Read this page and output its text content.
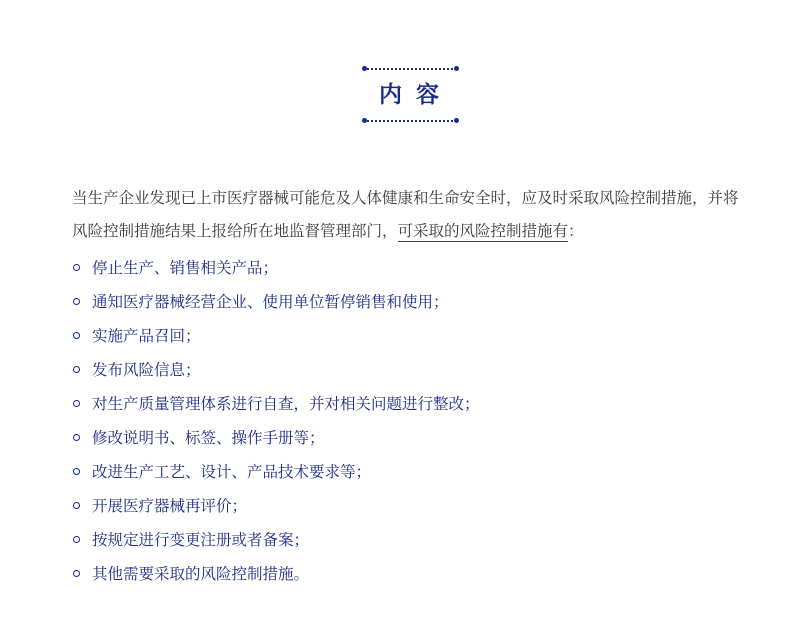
内 容

当生产企业发现已上市医疗器械可能危及人体健康和生命安全时，应及时采取风险控制措施，并将风险控制措施结果上报给所在地监督管理部门，可采取的风险控制措施有：

停止生产、销售相关产品；
通知医疗器械经营企业、使用单位暂停销售和使用；
实施产品召回；
发布风险信息；
对生产质量管理体系进行自查，并对相关问题进行整改；
修改说明书、标签、操作手册等；
改进生产工艺、设计、产品技术要求等；
开展医疗器械再评价；
按规定进行变更注册或者备案；
其他需要采取的风险控制措施。
